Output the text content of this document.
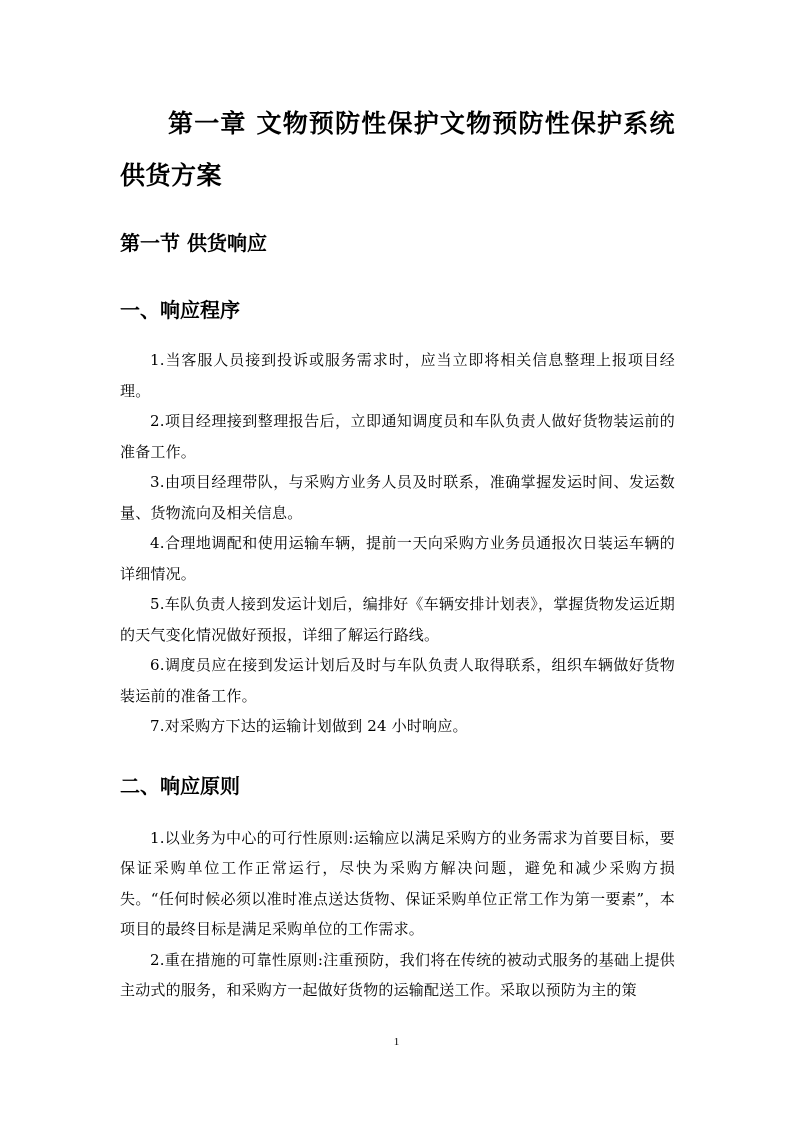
第一章 文物预防性保护文物预防性保护系统供货方案
第一节 供货响应
一、响应程序

1.当客服人员接到投诉或服务需求时，应当立即将相关信息整理上报项目经理。

2.项目经理接到整理报告后，立即通知调度员和车队负责人做好货物装运前的准备工作。

3.由项目经理带队，与采购方业务人员及时联系，准确掌握发运时间、发运数量、货物流向及相关信息。

4.合理地调配和使用运输车辆，提前一天向采购方业务员通报次日装运车辆的详细情况。

5.车队负责人接到发运计划后，编排好《车辆安排计划表》，掌握货物发运近期的天气变化情况做好预报，详细了解运行路线。

6.调度员应在接到发运计划后及时与车队负责人取得联系，组织车辆做好货物装运前的准备工作。

7.对采购方下达的运输计划做到 24 小时响应。

二、响应原则

1.以业务为中心的可行性原则:运输应以满足采购方的业务需求为首要目标，要保证采购单位工作正常运行，尽快为采购方解决问题，避免和减少采购方损失。“任何时候必须以准时准点送达货物、保证采购单位正常工作为第一要素”，本项目的最终目标是满足采购单位的工作需求。

2.重在措施的可靠性原则:注重预防，我们将在传统的被动式服务的基础上提供主动式的服务，和采购方一起做好货物的运输配送工作。采取以预防为主的策

1
